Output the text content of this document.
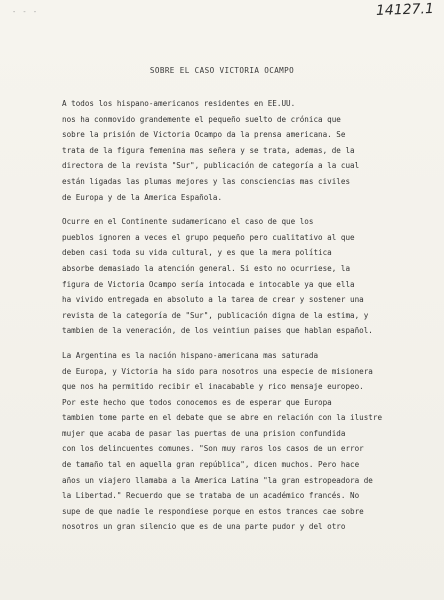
- - -	14127.1
SOBRE EL CASO VICTORIA OCAMPO
A todos los hispano-americanos residentes en EE.UU.
nos ha conmovido grandemente el pequeño suelto de crónica que
sobre la prisión de Victoria Ocampo da la prensa americana. Se
trata de la figura femenina mas señera y se trata, ademas, de la
directora de la revista "Sur", publicación de categoría a la cual
están ligadas las plumas mejores y las consciencias mas civiles
de Europa y de la America Española.
Ocurre en el Continente sudamericano el caso de que los
pueblos ignoren a veces el grupo pequeño pero cualitativo al que
deben casi toda su vida cultural, y es que la mera política
absorbe demasiado la atención general. Si esto no ocurriese, la
figura de Victoria Ocampo sería intocada e intocable ya que ella
ha vivido entregada en absoluto a la tarea de crear y sostener una
revista de la categoría de "Sur", publicación digna de la estima, y
tambien de la veneración, de los veintiun paises que hablan español.
La Argentina es la nación hispano-americana mas saturada
de Europa, y Victoria ha sido para nosotros una especie de misionera
que nos ha permitido recibir el inacabable y rico mensaje europeo.
Por este hecho que todos conocemos es de esperar que Europa
tambien tome parte en el debate que se abre en relación con la ilustre
mujer que acaba de pasar las puertas de una prision confundida
con los delincuentes comunes. "Son muy raros los casos de un error
de tamaño tal en aquella gran república", dicen muchos. Pero hace
años un viajero llamaba a la America Latina "la gran estropeadora de
la Libertad." Recuerdo que se trataba de un académico francés. No
supe de que nadie le respondiese porque en estos trances cae sobre
nosotros un gran silencio que es de una parte pudor y del otro
